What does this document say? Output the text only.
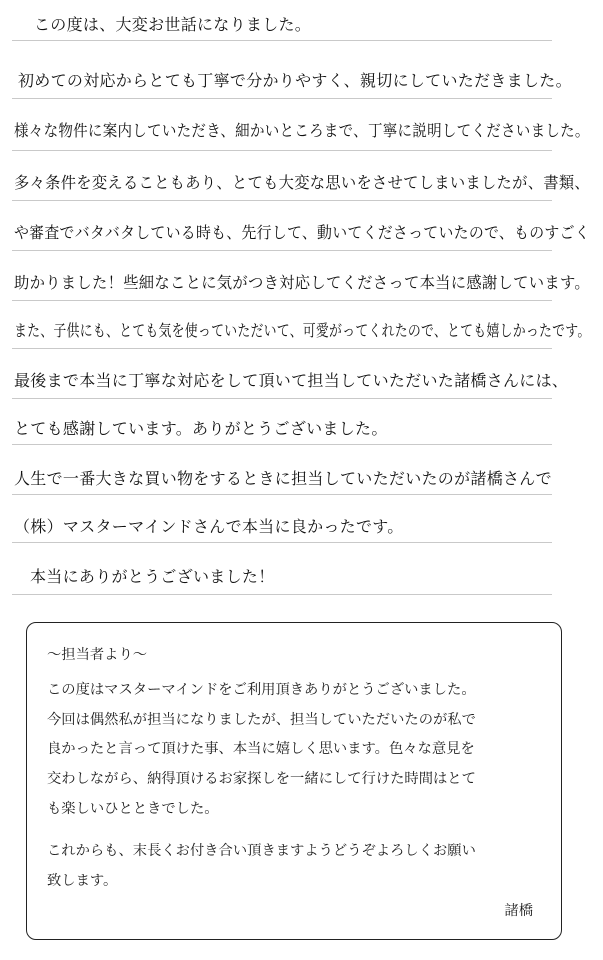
この度は、大変お世話になりました。
初めての対応からとても丁寧で分かりやすく、親切にしていただきました。
様々な物件に案内していただき、細かいところまで、丁寧に説明してくださいました。
多々条件を変えることもあり、とても大変な思いをさせてしまいましたが、書類、
や審査でバタバタしている時も、先行して、動いてくださっていたので、ものすごく
助かりました！些細なことに気がつき対応してくださって本当に感謝しています。
また、子供にも、とても気を使っていただいて、可愛がってくれたので、とても嬉しかったです。
最後まで本当に丁寧な対応をして頂いて担当していただいた諸橋さんには、
とても感謝しています。ありがとうございました。
人生で一番大きな買い物をするときに担当していただいたのが諸橋さんで
（株）マスターマインドさんで本当に良かったです。
本当にありがとうございました！
～担当者より～
この度はマスターマインドをご利用頂きありがとうございました。
今回は偶然私が担当になりましたが、担当していただいたのが私で
良かったと言って頂けた事、本当に嬉しく思います。色々な意見を
交わしながら、納得頂けるお家探しを一緒にして行けた時間はとて
も楽しいひとときでした。
これからも、末長くお付き合い頂きますようどうぞよろしくお願い
致します。
諸橋
